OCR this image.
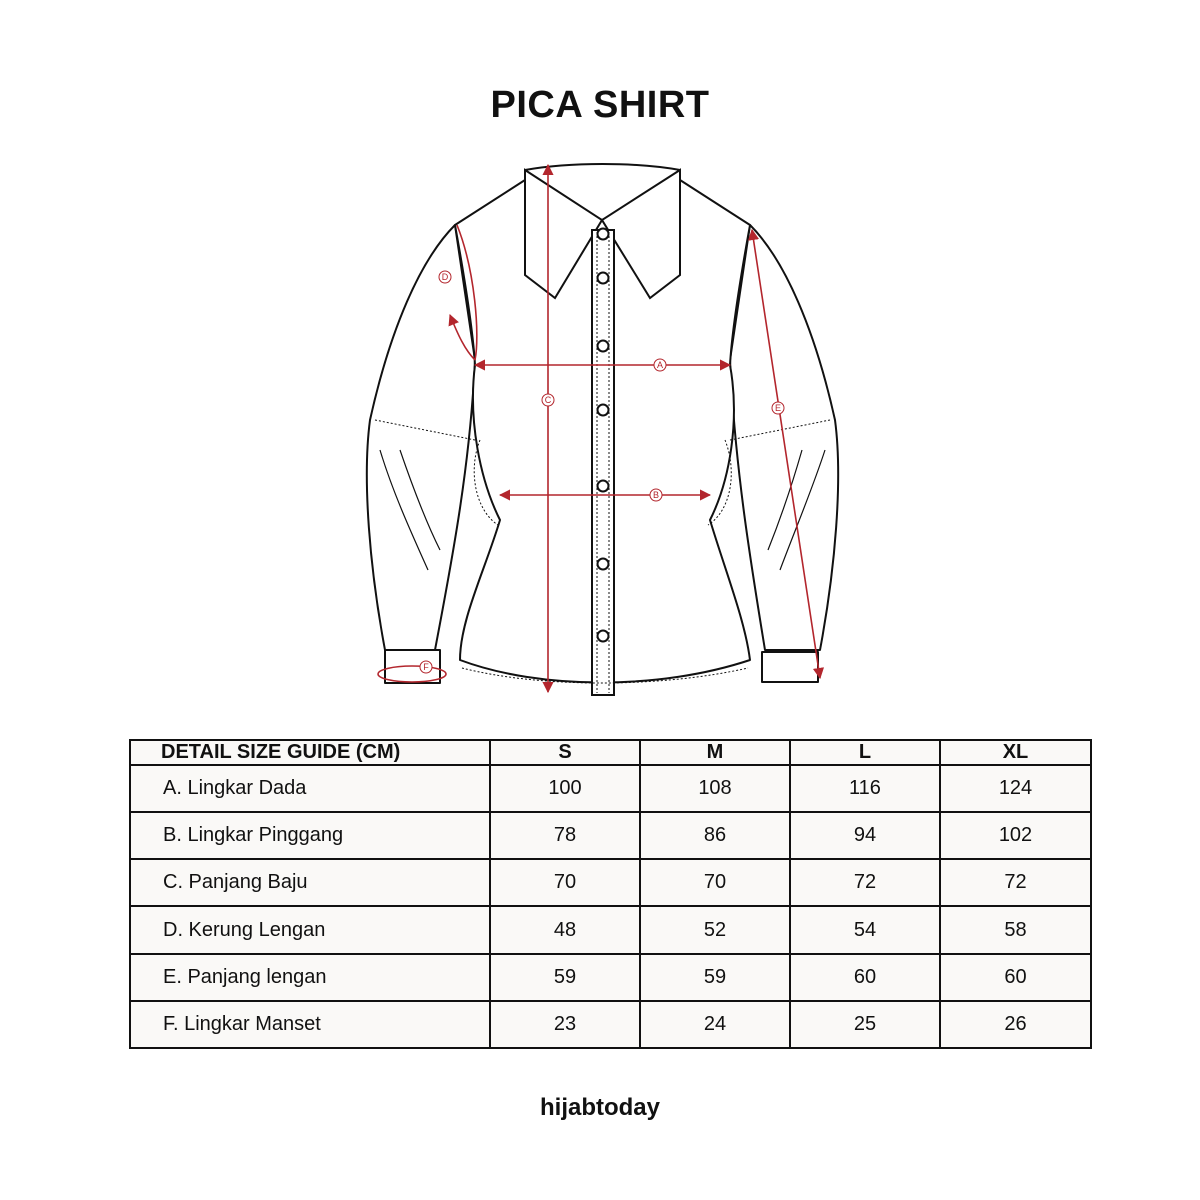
PICA SHIRT
A
B
C
D
E
F
DETAIL SIZE GUIDE (CM)	S	M	L	XL
A. Lingkar Dada	100	108	116	124
B. Lingkar Pinggang	78	86	94	102
C. Panjang Baju	70	70	72	72
D. Kerung Lengan	48	52	54	58
E. Panjang lengan	59	59	60	60
F. Lingkar Manset	23	24	25	26
hijabtoday
